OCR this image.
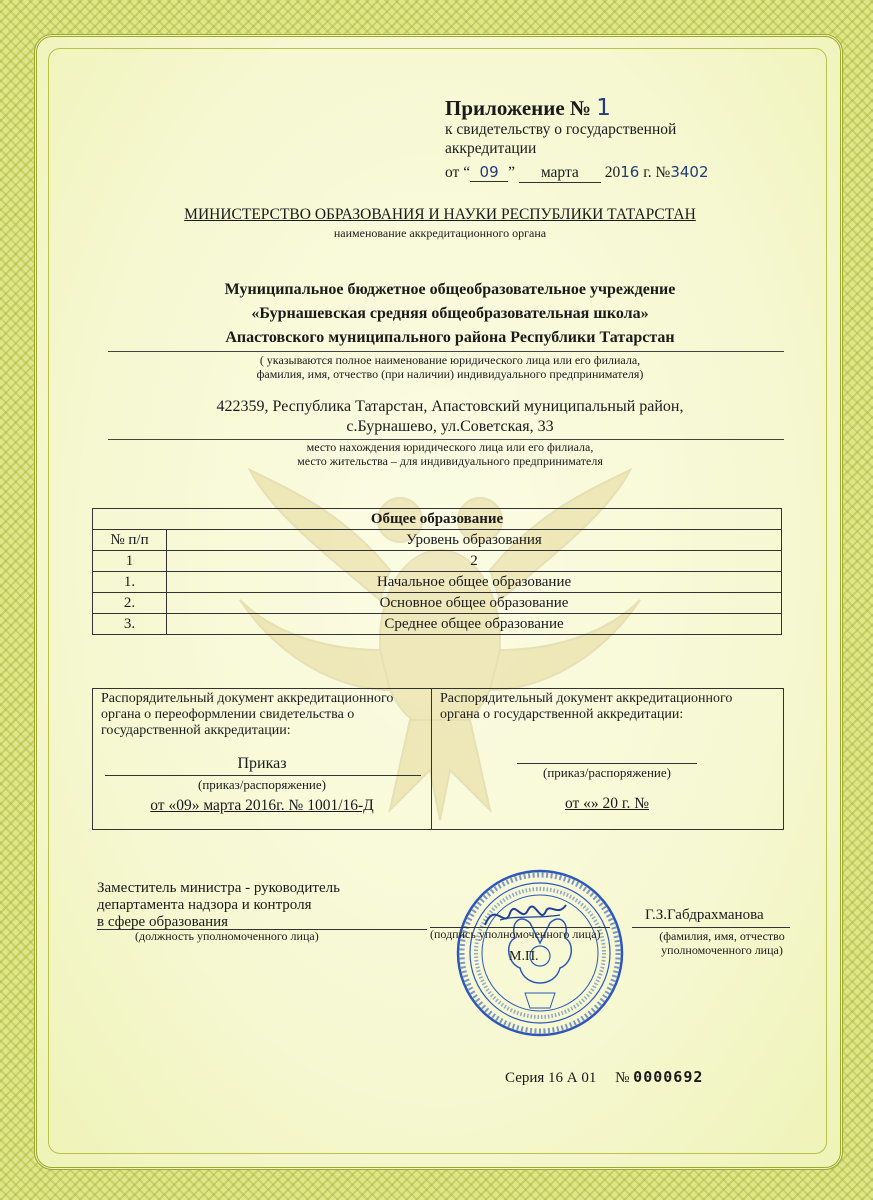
Приложение № 1
к свидетельству о государственной
аккредитации
от “ 09 ” марта 2016 г. №3402
МИНИСТЕРСТВО ОБРАЗОВАНИЯ И НАУКИ РЕСПУБЛИКИ ТАТАРСТАН
наименование аккредитационного органа
Муниципальное бюджетное общеобразовательное учреждение
«Бурнашевская средняя общеобразовательная школа»
Апастовского муниципального района Республики Татарстан
( указываются полное наименование юридического лица или его филиала,
фамилия, имя, отчество (при наличии) индивидуального предпринимателя)
422359, Республика Татарстан, Апастовский муниципальный район,
с.Бурнашево, ул.Советская, 33
место нахождения юридического лица или его филиала,
место жительства – для индивидуального предпринимателя
Общее образование	
№ п/п	Уровень образования
1	2
1.	Начальное общее образование
2.	Основное общее образование
3.	Среднее общее образование
Распорядительный документ аккредитационного органа о переоформлении свидетельства о государственной аккредитации:
Приказ
(приказ/распоряжение)
от «09» марта 2016г. № 1001/16-Д
Распорядительный документ аккредитационного органа о государственной аккредитации:
(приказ/распоряжение)
от «» 20 г. №
Заместитель министра - руководитель
департамента надзора и контроля
в сфере образования
(должность уполномоченного лица)	(подпись уполномоченного лица)
М.П.
Г.З.Габдрахманова
(фамилия, имя, отчество
уполномоченного лица)
Серия 16 А 01 № 0000692
